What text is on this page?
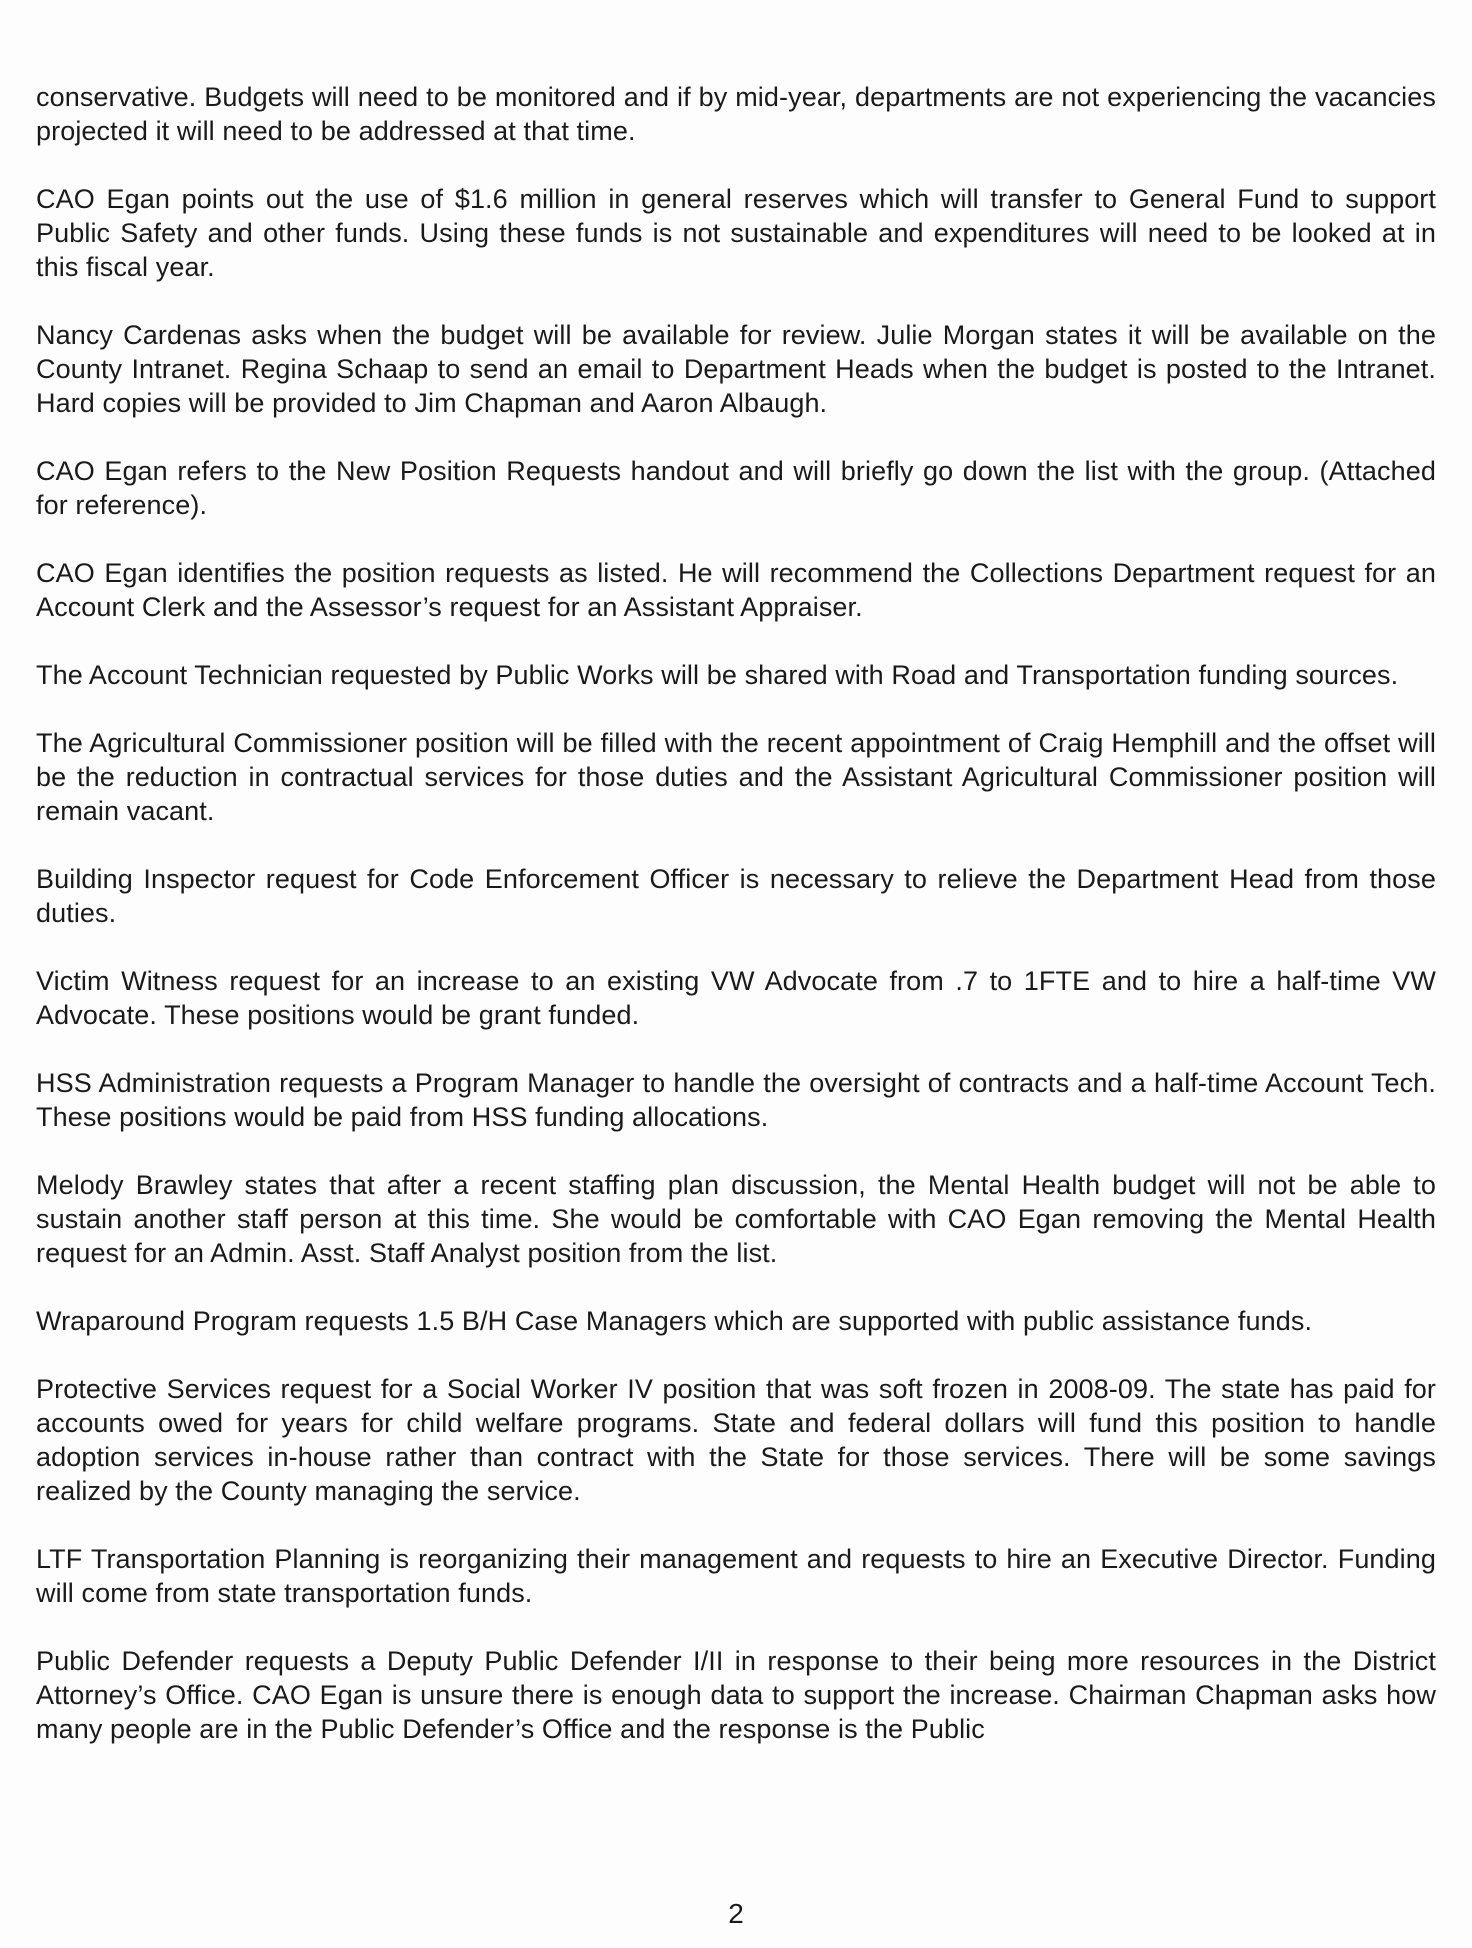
conservative. Budgets will need to be monitored and if by mid-year, departments are not experiencing the vacancies projected it will need to be addressed at that time.

CAO Egan points out the use of $1.6 million in general reserves which will transfer to General Fund to support Public Safety and other funds. Using these funds is not sustainable and expenditures will need to be looked at in this fiscal year.

Nancy Cardenas asks when the budget will be available for review. Julie Morgan states it will be available on the County Intranet. Regina Schaap to send an email to Department Heads when the budget is posted to the Intranet. Hard copies will be provided to Jim Chapman and Aaron Albaugh.

CAO Egan refers to the New Position Requests handout and will briefly go down the list with the group. (Attached for reference).

CAO Egan identifies the position requests as listed. He will recommend the Collections Department request for an Account Clerk and the Assessor’s request for an Assistant Appraiser.

The Account Technician requested by Public Works will be shared with Road and Transportation funding sources.

The Agricultural Commissioner position will be filled with the recent appointment of Craig Hemphill and the offset will be the reduction in contractual services for those duties and the Assistant Agricultural Commissioner position will remain vacant.

Building Inspector request for Code Enforcement Officer is necessary to relieve the Department Head from those duties.

Victim Witness request for an increase to an existing VW Advocate from .7 to 1FTE and to hire a half-time VW Advocate. These positions would be grant funded.

HSS Administration requests a Program Manager to handle the oversight of contracts and a half-time Account Tech. These positions would be paid from HSS funding allocations.

Melody Brawley states that after a recent staffing plan discussion, the Mental Health budget will not be able to sustain another staff person at this time. She would be comfortable with CAO Egan removing the Mental Health request for an Admin. Asst. Staff Analyst position from the list.

Wraparound Program requests 1.5 B/H Case Managers which are supported with public assistance funds.

Protective Services request for a Social Worker IV position that was soft frozen in 2008-09. The state has paid for accounts owed for years for child welfare programs. State and federal dollars will fund this position to handle adoption services in-house rather than contract with the State for those services. There will be some savings realized by the County managing the service.

LTF Transportation Planning is reorganizing their management and requests to hire an Executive Director. Funding will come from state transportation funds.

Public Defender requests a Deputy Public Defender I/II in response to their being more resources in the District Attorney’s Office. CAO Egan is unsure there is enough data to support the increase. Chairman Chapman asks how many people are in the Public Defender’s Office and the response is the Public

2
